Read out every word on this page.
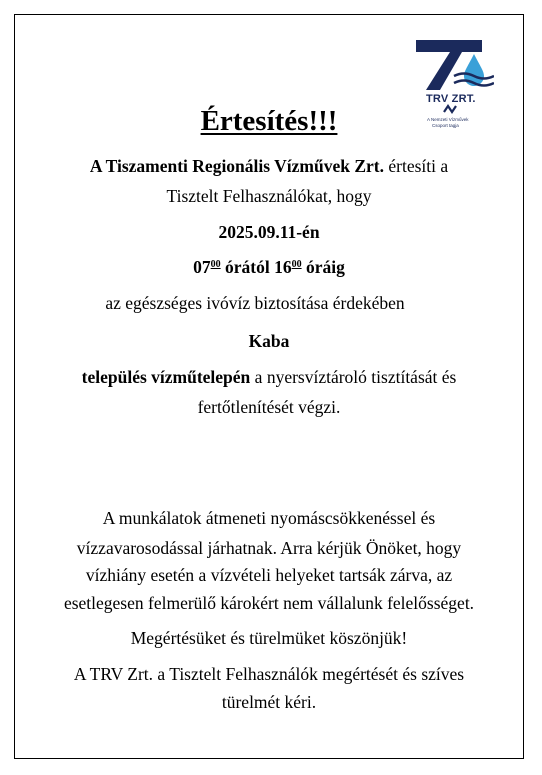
TRV ZRT.
A Nemzeti Vízművek
Csoport tagja
Értesítés!!!
A Tiszamenti Regionális Vízművek Zrt. értesíti a
Tisztelt Felhasználókat, hogy
2025.09.11-én
$07^{00}$ órától $16^{00}$ óráig
az egészséges ivóvíz biztosítása érdekében
Kaba
település vízműtelepén a nyersvíztároló tisztítását és
fertőtlenítését végzi.
A munkálatok átmeneti nyomáscsökkenéssel és
vízzavarosodással járhatnak. Arra kérjük Önöket, hogy
vízhiány esetén a vízvételi helyeket tartsák zárva, az
esetlegesen felmerülő károkért nem vállalunk felelősséget.
Megértésüket és türelmüket köszönjük!
A TRV Zrt. a Tisztelt Felhasználók megértését és szíves
türelmét kéri.
